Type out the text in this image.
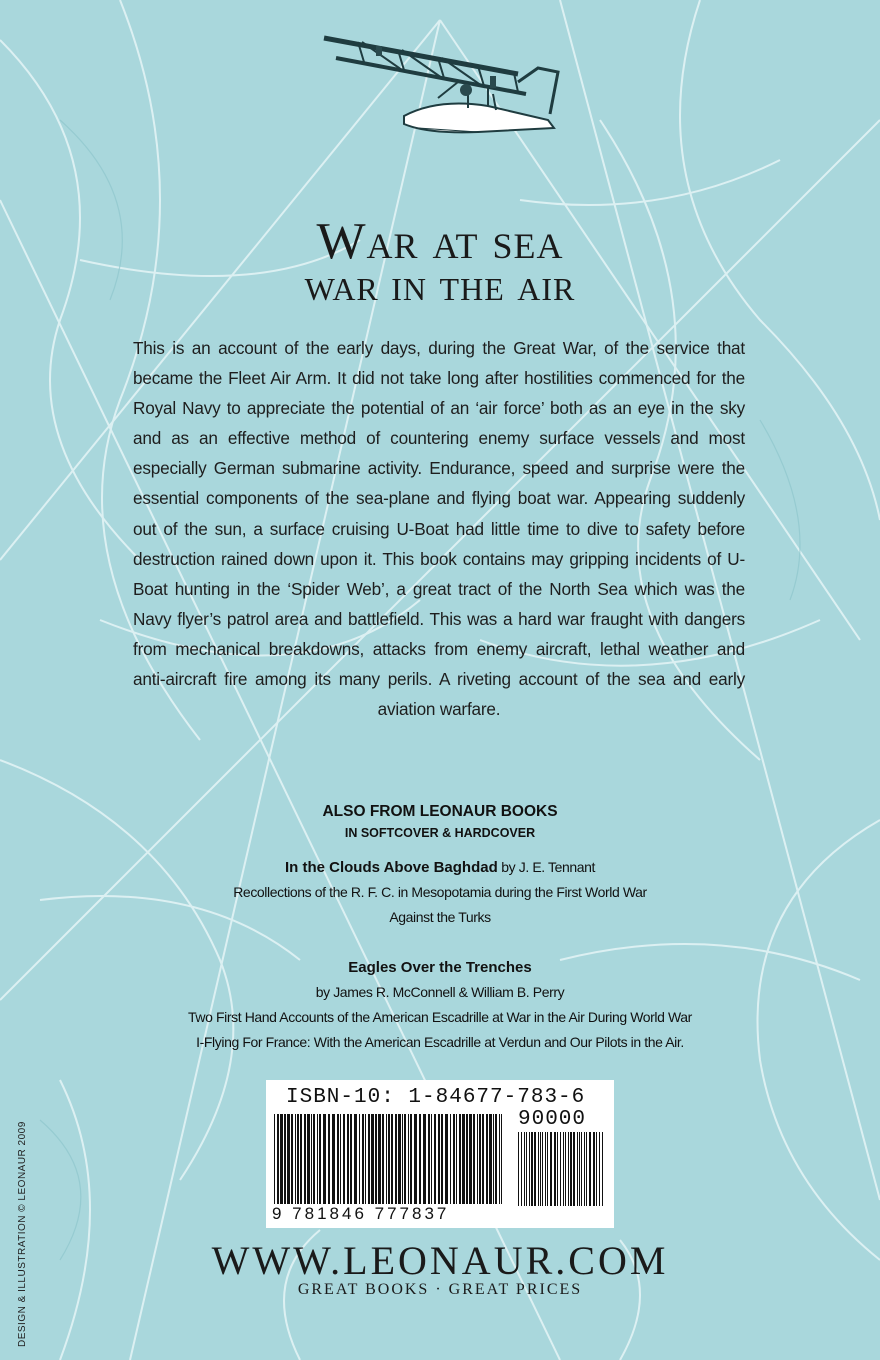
War at sea
war in the air
This is an account of the early days, during the Great War, of the service that became the Fleet Air Arm. It did not take long after hostilities commenced for the Royal Navy to appreciate the potential of an ‘air force’ both as an eye in the sky and as an effective method of countering enemy surface vessels and most especially German submarine activity. Endurance, speed and surprise were the essential components of the sea-plane and flying boat war. Appearing suddenly out of the sun, a surface cruising U-Boat had little time to dive to safety before destruction rained down upon it. This book contains may gripping incidents of U-Boat hunting in the ‘Spider Web’, a great tract of the North Sea which was the Navy flyer’s patrol area and battlefield. This was a hard war fraught with dangers from mechanical breakdowns, attacks from enemy aircraft, lethal weather and anti-aircraft fire among its many perils. A riveting account of the sea and early aviation warfare.
ALSO FROM LEONAUR BOOKS
IN SOFTCOVER & HARDCOVER
In the Clouds Above Baghdad by J. E. Tennant
Recollections of the R. F. C. in Mesopotamia during the First World War
Against the Turks
Eagles Over the Trenches
by James R. McConnell & William B. Perry
Two First Hand Accounts of the American Escadrille at War in the Air During World War
I-Flying For France: With the American Escadrille at Verdun and Our Pilots in the Air.
ISBN-10: 1-84677-783-6
90000
9 781846 777837
WWW.LEONAUR.COM
GREAT BOOKS · GREAT PRICES
DESIGN & ILLUSTRATION © LEONAUR 2009
